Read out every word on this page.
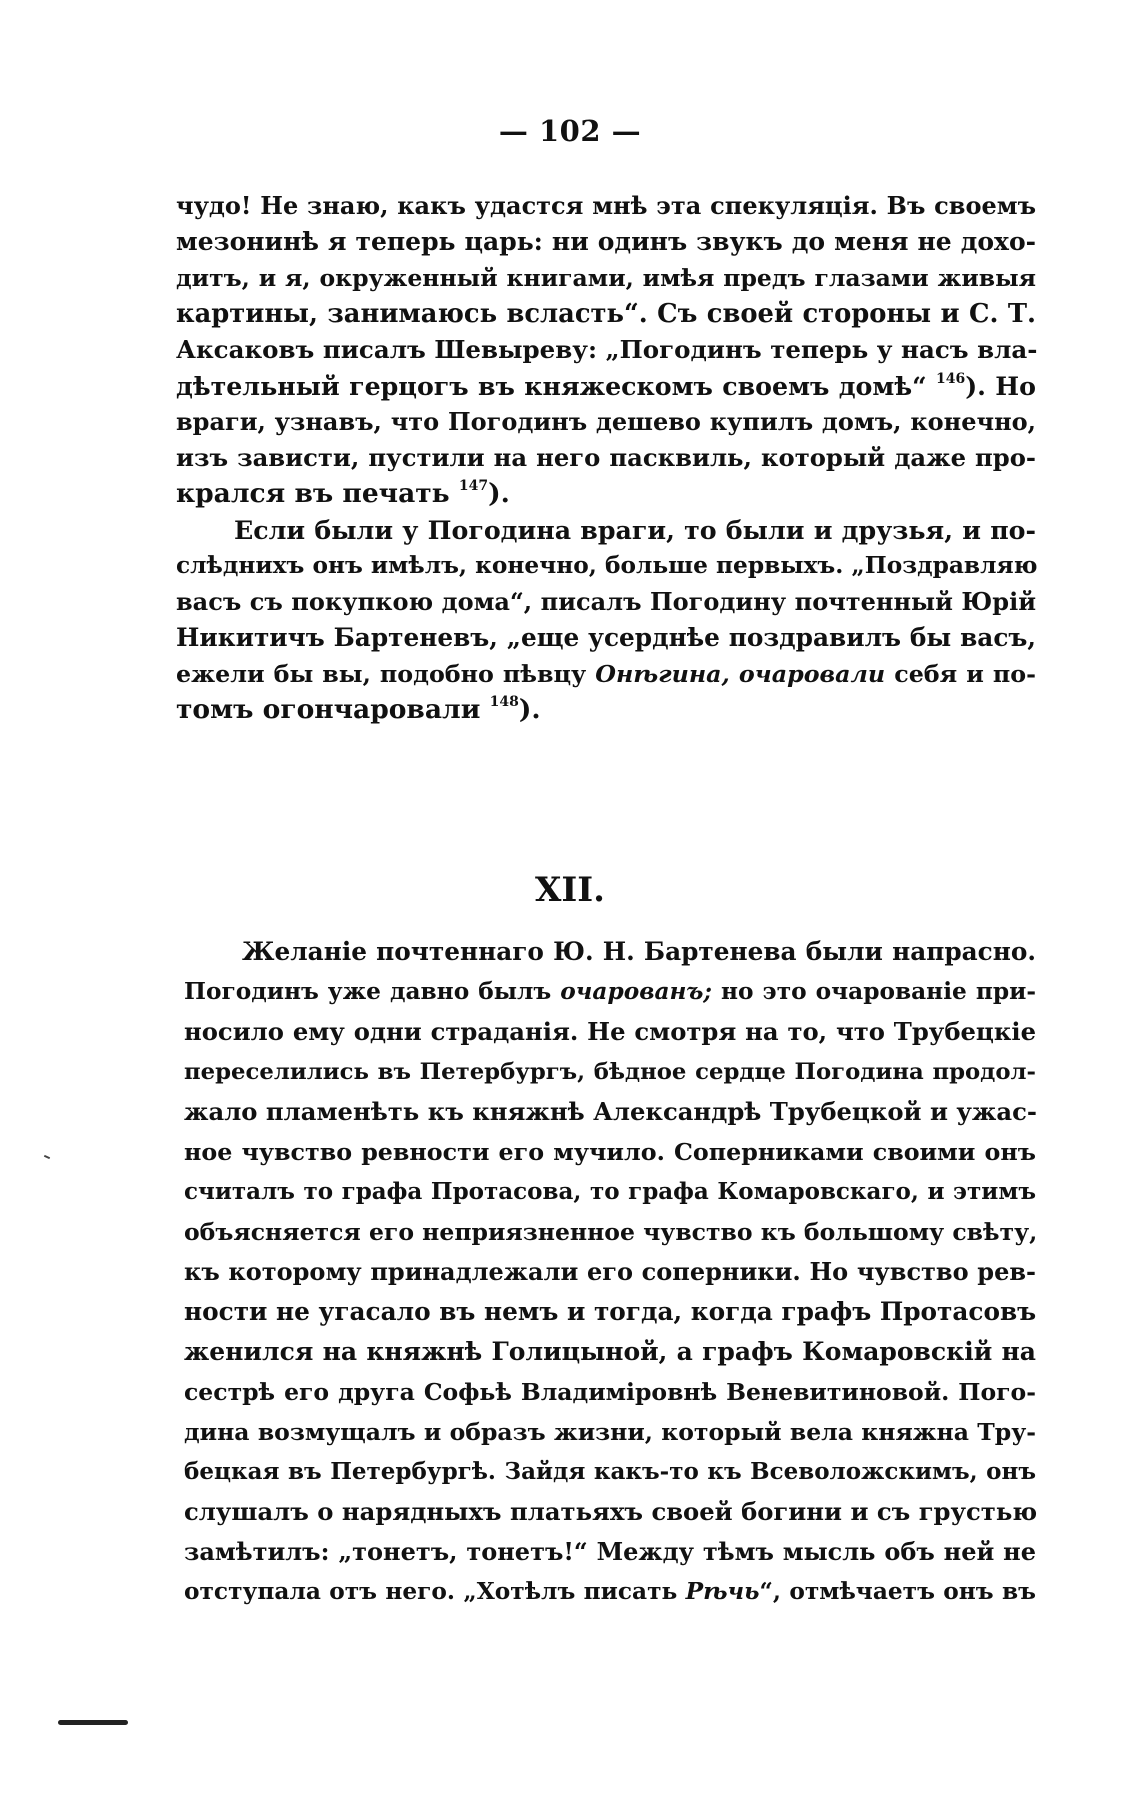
— 102 —
чудо! Не знаю, какъ удастся мнѣ эта спекуляція. Въ своемъ
мезонинѣ я теперь царь: ни одинъ звукъ до меня не дохо-
дитъ, и я, окруженный книгами, имѣя предъ глазами живыя
картины, занимаюсь всласть“. Съ своей стороны и С. Т.
Аксаковъ писалъ Шевыреву: „Погодинъ теперь у насъ вла-
дѣтельный герцогъ въ княжескомъ своемъ домѣ“ $^{146}$). Но
враги, узнавъ, что Погодинъ дешево купилъ домъ, конечно,
изъ зависти, пустили на него пасквиль, который даже про-
крался въ печать $^{147}$).
Если были у Погодина враги, то были и друзья, и по-
слѣднихъ онъ имѣлъ, конечно, больше первыхъ. „Поздравляю
васъ съ покупкою дома“, писалъ Погодину почтенный Юрій
Никитичъ Бартеневъ, „еще усерднѣе поздравилъ бы васъ,
ежели бы вы, подобно пѣвцу Онѣгина, очаровали себя и по-
томъ огончаровали $^{148}$).
XII.
Желаніе почтеннаго Ю. Н. Бартенева были напрасно.
Погодинъ уже давно былъ очарованъ; но это очарованіе при-
носило ему одни страданія. Не смотря на то, что Трубецкіе
переселились въ Петербургъ, бѣдное сердце Погодина продол-
жало пламенѣть къ княжнѣ Александрѣ Трубецкой и ужас-
ное чувство ревности его мучило. Соперниками своими онъ
считалъ то графа Протасова, то графа Комаровскаго, и этимъ
объясняется его неприязненное чувство къ большому свѣту,
къ которому принадлежали его соперники. Но чувство рев-
ности не угасало въ немъ и тогда, когда графъ Протасовъ
женился на княжнѣ Голицыной, а графъ Комаровскій на
сестрѣ его друга Софьѣ Владиміровнѣ Веневитиновой. Пого-
дина возмущалъ и образъ жизни, который вела княжна Тру-
бецкая въ Петербургѣ. Зайдя какъ-то къ Всеволожскимъ, онъ
слушалъ о нарядныхъ платьяхъ своей богини и съ грустью
замѣтилъ: „тонетъ, тонетъ!“ Между тѣмъ мысль объ ней не
отступала отъ него. „Хотѣлъ писать Рѣчь“, отмѣчаетъ онъ въ
